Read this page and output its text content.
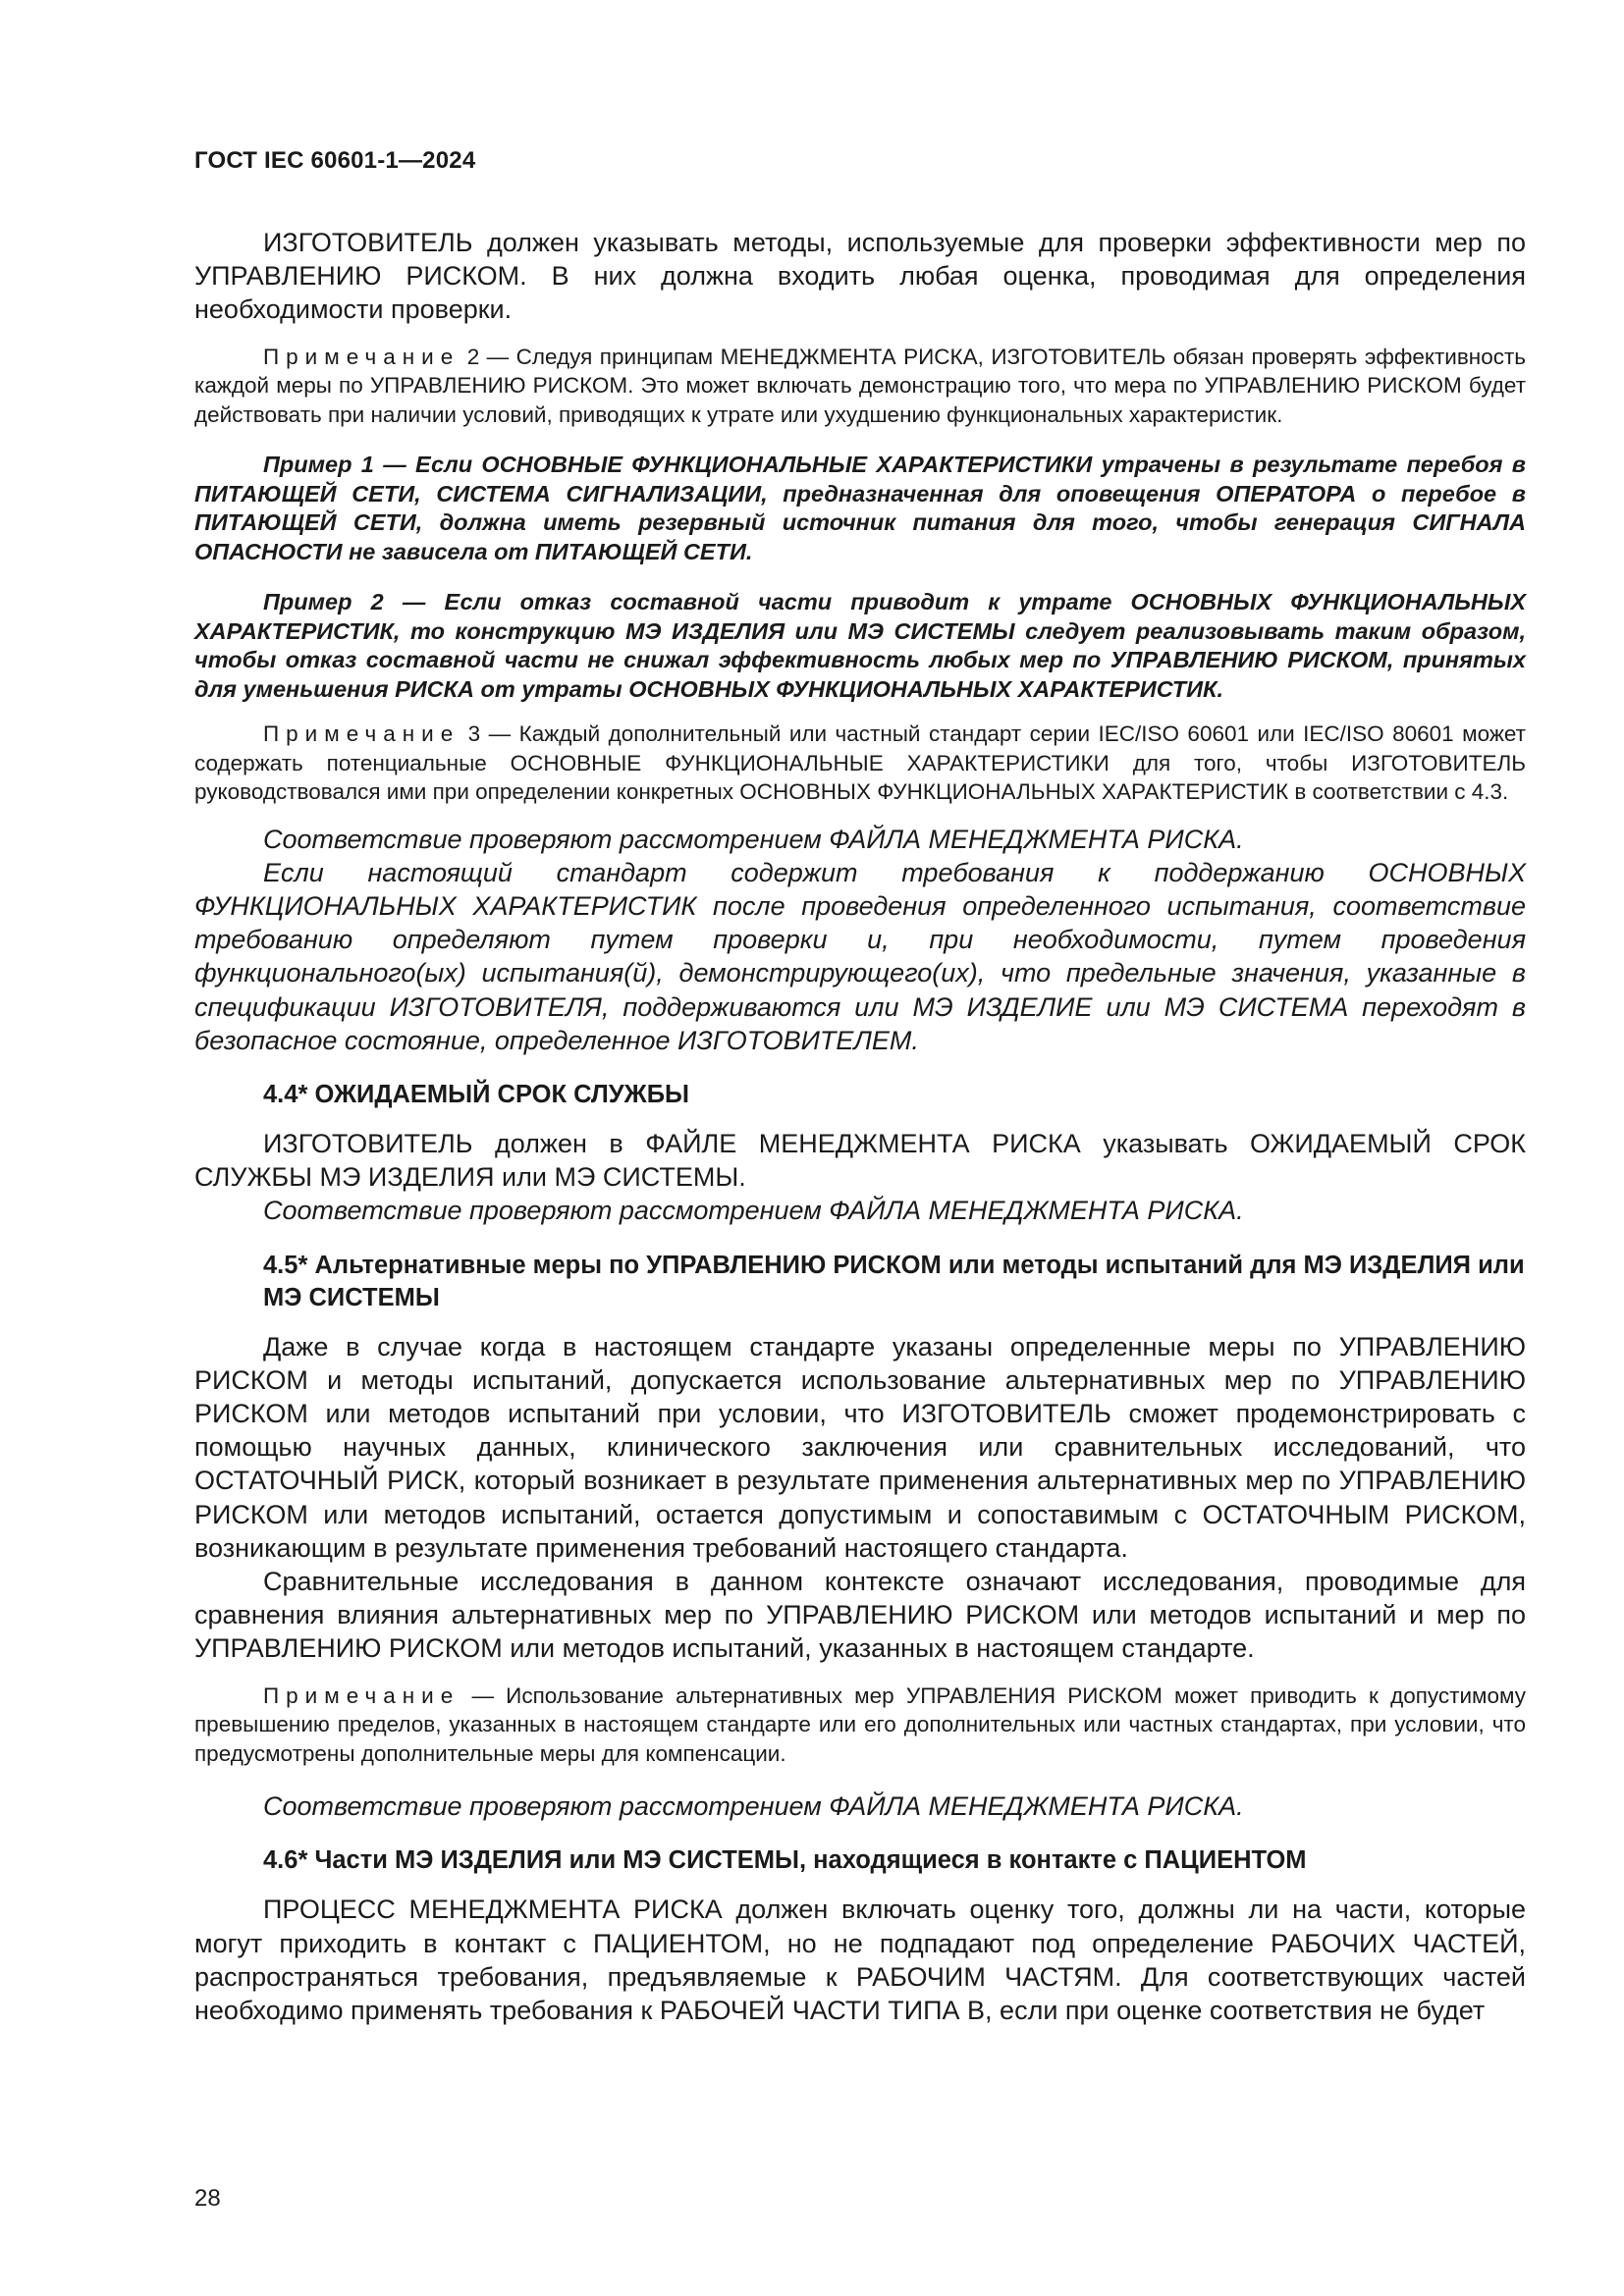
ГОСТ IEC 60601-1—2024

ИЗГОТОВИТЕЛЬ должен указывать методы, используемые для проверки эффективности мер по УПРАВЛЕНИЮ РИСКОМ. В них должна входить любая оценка, проводимая для определения необходимости проверки.

Примечание 2 — Следуя принципам МЕНЕДЖМЕНТА РИСКА, ИЗГОТОВИТЕЛЬ обязан проверять эффективность каждой меры по УПРАВЛЕНИЮ РИСКОМ. Это может включать демонстрацию того, что мера по УПРАВЛЕНИЮ РИСКОМ будет действовать при наличии условий, приводящих к утрате или ухудшению функциональных характеристик.

Пример 1 — Если ОСНОВНЫЕ ФУНКЦИОНАЛЬНЫЕ ХАРАКТЕРИСТИКИ утрачены в результате перебоя в ПИТАЮЩЕЙ СЕТИ, СИСТЕМА СИГНАЛИЗАЦИИ, предназначенная для оповещения ОПЕРАТОРА о перебое в ПИТАЮЩЕЙ СЕТИ, должна иметь резервный источник питания для того, чтобы генерация СИГНАЛА ОПАСНОСТИ не зависела от ПИТАЮЩЕЙ СЕТИ.

Пример 2 — Если отказ составной части приводит к утрате ОСНОВНЫХ ФУНКЦИОНАЛЬНЫХ ХАРАКТЕРИСТИК, то конструкцию МЭ ИЗДЕЛИЯ или МЭ СИСТЕМЫ следует реализовывать таким образом, чтобы отказ составной части не снижал эффективность любых мер по УПРАВЛЕНИЮ РИСКОМ, принятых для уменьшения РИСКА от утраты ОСНОВНЫХ ФУНКЦИОНАЛЬНЫХ ХАРАКТЕРИСТИК.

Примечание 3 — Каждый дополнительный или частный стандарт серии IEC/ISO 60601 или IEC/ISO 80601 может содержать потенциальные ОСНОВНЫЕ ФУНКЦИОНАЛЬНЫЕ ХАРАКТЕРИСТИКИ для того, чтобы ИЗГОТОВИТЕЛЬ руководствовался ими при определении конкретных ОСНОВНЫХ ФУНКЦИОНАЛЬНЫХ ХАРАКТЕРИСТИК в соответствии с 4.3.

Соответствие проверяют рассмотрением ФАЙЛА МЕНЕДЖМЕНТА РИСКА.

Если настоящий стандарт содержит требования к поддержанию ОСНОВНЫХ ФУНКЦИОНАЛЬНЫХ ХАРАКТЕРИСТИК после проведения определенного испытания, соответствие требованию определяют путем проверки и, при необходимости, путем проведения функционального(ых) испытания(й), демонстрирующего(их), что предельные значения, указанные в спецификации ИЗГОТОВИТЕЛЯ, поддерживаются или МЭ ИЗДЕЛИЕ или МЭ СИСТЕМА переходят в безопасное состояние, определенное ИЗГОТОВИТЕЛЕМ.

4.4* ОЖИДАЕМЫЙ СРОК СЛУЖБЫ

ИЗГОТОВИТЕЛЬ должен в ФАЙЛЕ МЕНЕДЖМЕНТА РИСКА указывать ОЖИДАЕМЫЙ СРОК СЛУЖБЫ МЭ ИЗДЕЛИЯ или МЭ СИСТЕМЫ.

Соответствие проверяют рассмотрением ФАЙЛА МЕНЕДЖМЕНТА РИСКА.

4.5* Альтернативные меры по УПРАВЛЕНИЮ РИСКОМ или методы испытаний для МЭ ИЗДЕЛИЯ или МЭ СИСТЕМЫ

Даже в случае когда в настоящем стандарте указаны определенные меры по УПРАВЛЕНИЮ РИСКОМ и методы испытаний, допускается использование альтернативных мер по УПРАВЛЕНИЮ РИСКОМ или методов испытаний при условии, что ИЗГОТОВИТЕЛЬ сможет продемонстрировать с помощью научных данных, клинического заключения или сравнительных исследований, что ОСТАТОЧНЫЙ РИСК, который возникает в результате применения альтернативных мер по УПРАВЛЕНИЮ РИСКОМ или методов испытаний, остается допустимым и сопоставимым с ОСТАТОЧНЫМ РИСКОМ, возникающим в результате применения требований настоящего стандарта.

Сравнительные исследования в данном контексте означают исследования, проводимые для сравнения влияния альтернативных мер по УПРАВЛЕНИЮ РИСКОМ или методов испытаний и мер по УПРАВЛЕНИЮ РИСКОМ или методов испытаний, указанных в настоящем стандарте.

Примечание — Использование альтернативных мер УПРАВЛЕНИЯ РИСКОМ может приводить к допустимому превышению пределов, указанных в настоящем стандарте или его дополнительных или частных стандартах, при условии, что предусмотрены дополнительные меры для компенсации.

Соответствие проверяют рассмотрением ФАЙЛА МЕНЕДЖМЕНТА РИСКА.

4.6* Части МЭ ИЗДЕЛИЯ или МЭ СИСТЕМЫ, находящиеся в контакте с ПАЦИЕНТОМ

ПРОЦЕСС МЕНЕДЖМЕНТА РИСКА должен включать оценку того, должны ли на части, которые могут приходить в контакт с ПАЦИЕНТОМ, но не подпадают под определение РАБОЧИХ ЧАСТЕЙ, распространяться требования, предъявляемые к РАБОЧИМ ЧАСТЯМ. Для соответствующих частей необходимо применять требования к РАБОЧЕЙ ЧАСТИ ТИПА В, если при оценке соответствия не будет

28
